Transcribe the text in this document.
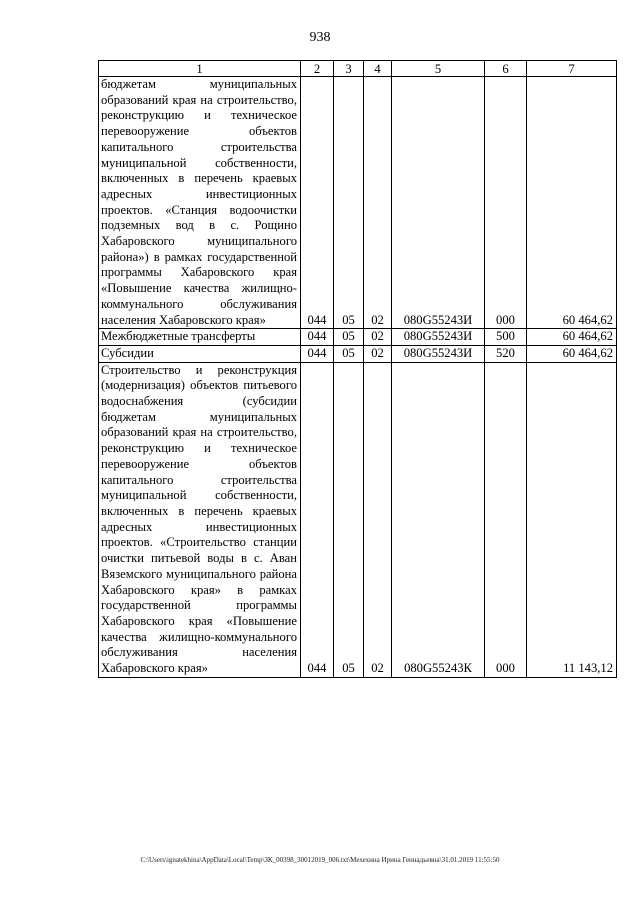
938
1	2	3	4	5	6	7
бюджетам муниципальных образований края на строительство, реконструкцию и техническое перевооружение объектов капитального строительства муниципальной собственности, включенных в перечень краевых адресных инвестиционных проектов. «Станция водоочистки подземных вод в с. Рощино Хабаровского муниципального района») в рамках государственной программы Хабаровского края «Повышение качества жилищно-коммунального обслуживания населения Хабаровского края»	044	05	02	080G55243И	000	60 464,62
Межбюджетные трансферты	044	05	02	080G55243И	500	60 464,62
Субсидии	044	05	02	080G55243И	520	60 464,62
Строительство и реконструкция (модернизация) объектов питьевого водоснабжения (субсидии бюджетам муниципальных образований края на строительство, реконструкцию и техническое перевооружение объектов капитального строительства муниципальной собственности, включенных в перечень краевых адресных инвестиционных проектов. «Строительство станции очистки питьевой воды в с. Аван Вяземского муниципального района Хабаровского края» в рамках государственной программы Хабаровского края «Повышение качества жилищно-коммунального обслуживания населения Хабаровского края»	044	05	02	080G55243К	000	11 143,12
C:\Users\ignatekhina\AppData\Local\Temp\ЗК_00398_30012019_006.txt\Мехехина Ирина Геннадьевна\31.01.2019 11:55:50
